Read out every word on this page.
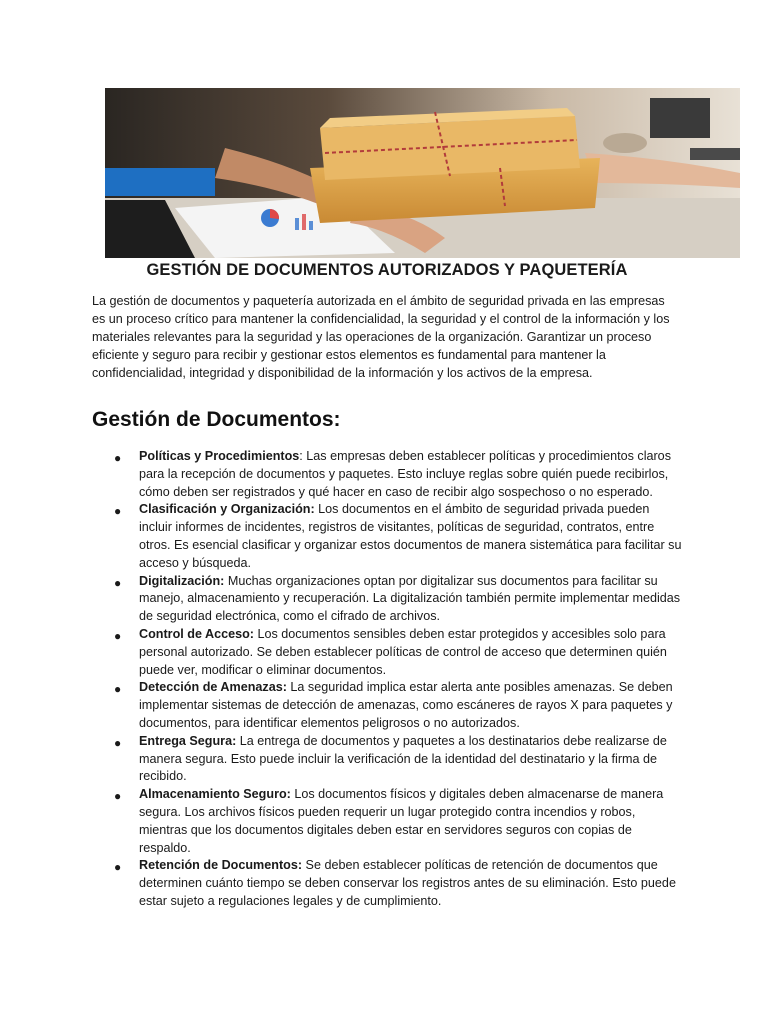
GESTIÓN DE DOCUMENTOS AUTORIZADOS Y PAQUETERÍA

La gestión de documentos y paquetería autorizada en el ámbito de seguridad privada en las empresas es un proceso crítico para mantener la confidencialidad, la seguridad y el control de la información y los materiales relevantes para la seguridad y las operaciones de la organización. Garantizar un proceso eficiente y seguro para recibir y gestionar estos elementos es fundamental para mantener la confidencialidad, integridad y disponibilidad de la información y los activos de la empresa.

Gestión de Documentos:
● Políticas y Procedimientos: Las empresas deben establecer políticas y procedimientos claros para la recepción de documentos y paquetes. Esto incluye reglas sobre quién puede recibirlos, cómo deben ser registrados y qué hacer en caso de recibir algo sospechoso o no esperado.
● Clasificación y Organización: Los documentos en el ámbito de seguridad privada pueden incluir informes de incidentes, registros de visitantes, políticas de seguridad, contratos, entre otros. Es esencial clasificar y organizar estos documentos de manera sistemática para facilitar su acceso y búsqueda.
● Digitalización: Muchas organizaciones optan por digitalizar sus documentos para facilitar su manejo, almacenamiento y recuperación. La digitalización también permite implementar medidas de seguridad electrónica, como el cifrado de archivos.
● Control de Acceso: Los documentos sensibles deben estar protegidos y accesibles solo para personal autorizado. Se deben establecer políticas de control de acceso que determinen quién puede ver, modificar o eliminar documentos.
● Detección de Amenazas: La seguridad implica estar alerta ante posibles amenazas. Se deben implementar sistemas de detección de amenazas, como escáneres de rayos X para paquetes y documentos, para identificar elementos peligrosos o no autorizados.
● Entrega Segura: La entrega de documentos y paquetes a los destinatarios debe realizarse de manera segura. Esto puede incluir la verificación de la identidad del destinatario y la firma de recibido.
● Almacenamiento Seguro: Los documentos físicos y digitales deben almacenarse de manera segura. Los archivos físicos pueden requerir un lugar protegido contra incendios y robos, mientras que los documentos digitales deben estar en servidores seguros con copias de respaldo.
● Retención de Documentos: Se deben establecer políticas de retención de documentos que determinen cuánto tiempo se deben conservar los registros antes de su eliminación. Esto puede estar sujeto a regulaciones legales y de cumplimiento.
